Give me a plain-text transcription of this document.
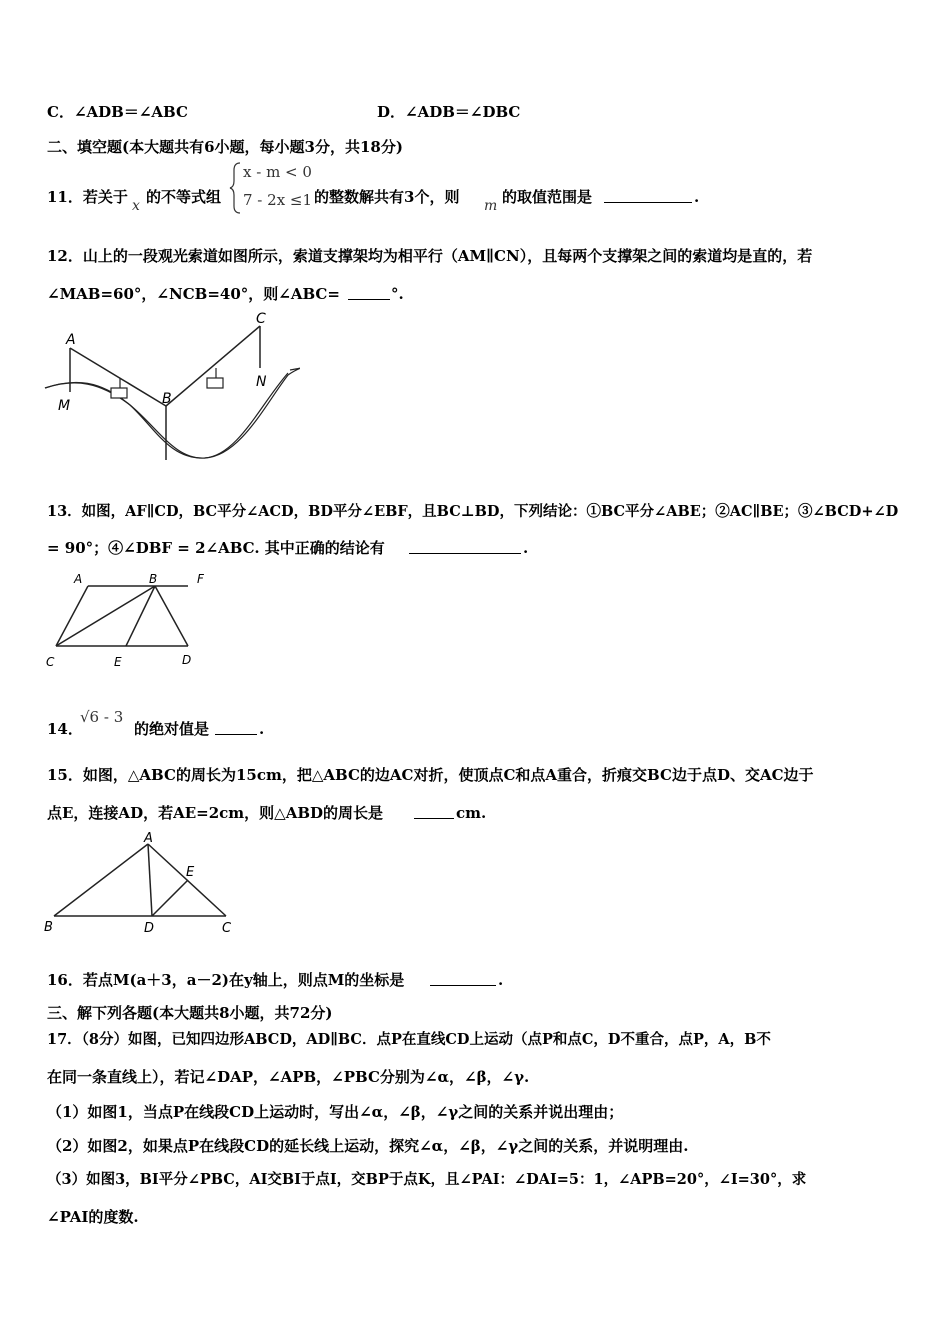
C．∠ADB＝∠ABC	D．∠ADB＝∠DBC
二、填空题(本大题共有6小题，每小题3分，共18分)
11．若关于 x 的不等式组
x - m < 0
7 - 2x ≤1 的整数解共有3个，则 m 的取值范围是	.
12．山上的一段观光索道如图所示，索道支撑架均为相平行（AM∥CN），且每两个支撑架之间的索道均是直的，若
∠MAB=60°，∠NCB=40°，则∠ABC=	°.
A
B
C
M
N
13．如图，AF∥CD，BC平分∠ACD，BD平分∠EBF，且BC⊥BD，下列结论：①BC平分∠ABE；②AC∥BE；③∠BCD+∠D
= 90°；④∠DBF = 2∠ABC. 其中正确的结论有	.
A	B	F
C	E	D
14．
√6 - 3
的绝对值是	.
15．如图，△ABC的周长为15cm，把△ABC的边AC对折，使顶点C和点A重合，折痕交BC边于点D、交AC边于
点E，连接AD，若AE=2cm，则△ABD的周长是	cm.
A
E
B	D	C
16．若点M(a＋3，a－2)在y轴上，则点M的坐标是	.
三、解下列各题(本大题共8小题，共72分)
17．（8分）如图，已知四边形ABCD，AD∥BC．点P在直线CD上运动（点P和点C，D不重合，点P，A，B不
在同一条直线上），若记∠DAP，∠APB，∠PBC分别为∠α，∠β，∠γ.
（1）如图1，当点P在线段CD上运动时，写出∠α，∠β，∠γ之间的关系并说出理由；
（2）如图2，如果点P在线段CD的延长线上运动，探究∠α，∠β，∠γ之间的关系，并说明理由.
（3）如图3，BI平分∠PBC，AI交BI于点I，交BP于点K，且∠PAI：∠DAI=5：1，∠APB=20°，∠I=30°，求
∠PAI的度数.
